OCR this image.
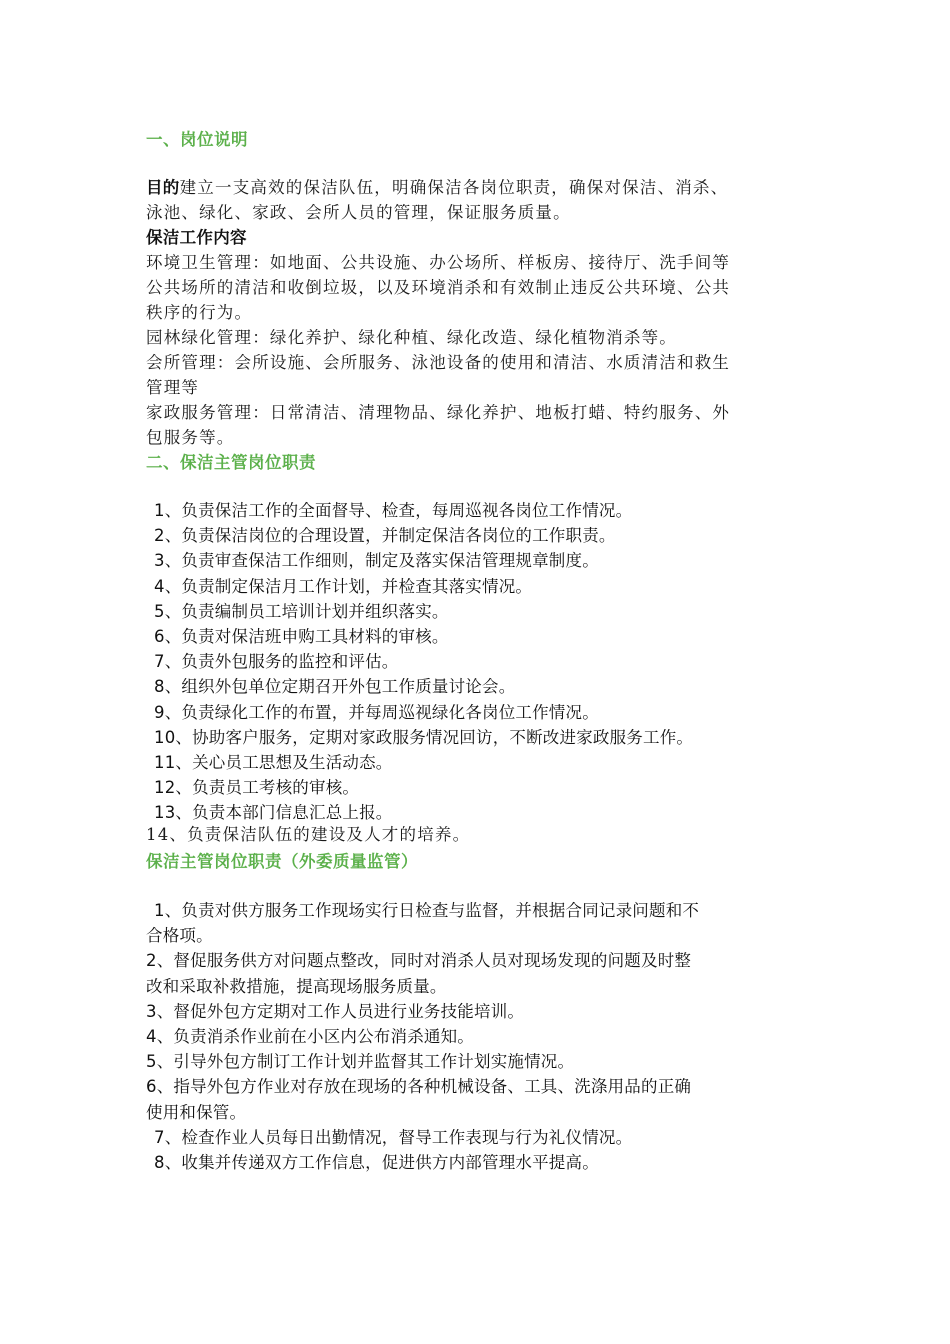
一、岗位说明
目的建立一支高效的保洁队伍，明确保洁各岗位职责，确保对保洁、消杀、
泳池、绿化、家政、会所人员的管理，保证服务质量。
保洁工作内容
环境卫生管理：如地面、公共设施、办公场所、样板房、接待厅、洗手间等
公共场所的清洁和收倒垃圾，以及环境消杀和有效制止违反公共环境、公共
秩序的行为。
园林绿化管理：绿化养护、绿化种植、绿化改造、绿化植物消杀等。
会所管理：会所设施、会所服务、泳池设备的使用和清洁、水质清洁和救生
管理等
家政服务管理：日常清洁、清理物品、绿化养护、地板打蜡、特约服务、外
包服务等。
二、保洁主管岗位职责
1、负责保洁工作的全面督导、检查，每周巡视各岗位工作情况。
2、负责保洁岗位的合理设置，并制定保洁各岗位的工作职责。
3、负责审查保洁工作细则，制定及落实保洁管理规章制度。
4、负责制定保洁月工作计划，并检查其落实情况。
5、负责编制员工培训计划并组织落实。
6、负责对保洁班申购工具材料的审核。
7、负责外包服务的监控和评估。
8、组织外包单位定期召开外包工作质量讨论会。
9、负责绿化工作的布置，并每周巡视绿化各岗位工作情况。
10、协助客户服务，定期对家政服务情况回访，不断改进家政服务工作。
11、关心员工思想及生活动态。
12、负责员工考核的审核。
13、负责本部门信息汇总上报。
14、负责保洁队伍的建设及人才的培养。
保洁主管岗位职责（外委质量监管）
1、负责对供方服务工作现场实行日检查与监督，并根据合同记录问题和不
合格项。
2、督促服务供方对问题点整改，同时对消杀人员对现场发现的问题及时整
改和采取补救措施，提高现场服务质量。
3、督促外包方定期对工作人员进行业务技能培训。
4、负责消杀作业前在小区内公布消杀通知。
5、引导外包方制订工作计划并监督其工作计划实施情况。
6、指导外包方作业对存放在现场的各种机械设备、工具、洗涤用品的正确
使用和保管。
7、检查作业人员每日出勤情况，督导工作表现与行为礼仪情况。
8、收集并传递双方工作信息，促进供方内部管理水平提高。
